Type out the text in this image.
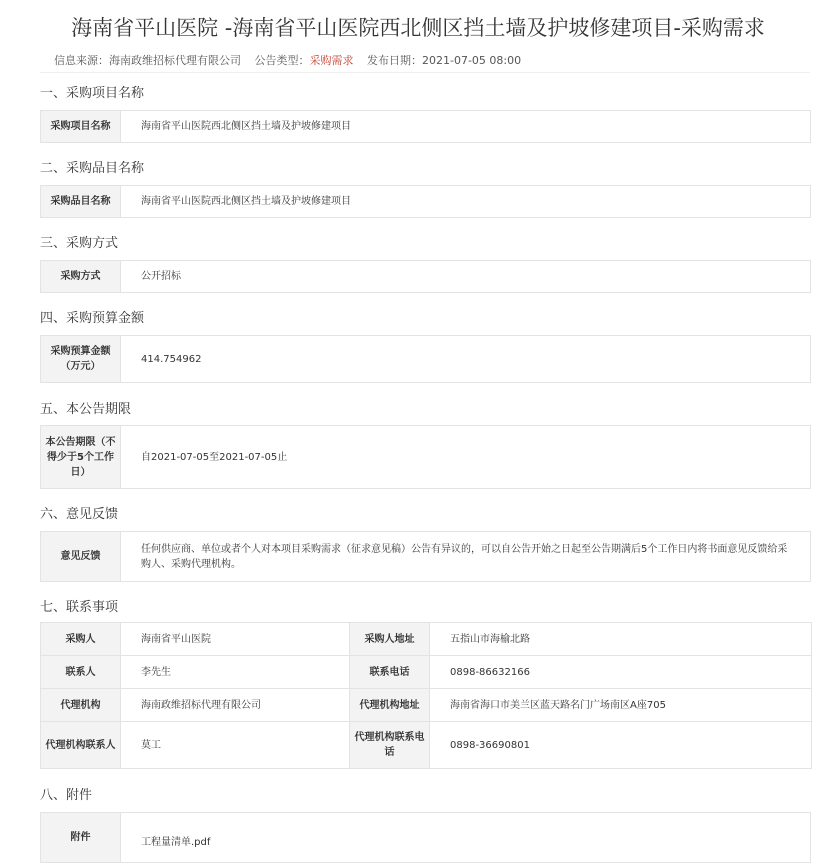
海南省平山医院 -海南省平山医院西北侧区挡土墙及护坡修建项目-采购需求
信息来源：海南政维招标代理有限公司 公告类型：采购需求 发布日期：2021-07-05 08:00
一、采购项目名称
采购项目名称	海南省平山医院西北侧区挡土墙及护坡修建项目
二、采购品目名称
采购品目名称	海南省平山医院西北侧区挡土墙及护坡修建项目
三、采购方式
采购方式	公开招标
四、采购预算金额
采购预算金额（万元）	414.754962
五、本公告期限
本公告期限（不得少于5个工作日）	自2021-07-05至2021-07-05止
六、意见反馈
意见反馈	任何供应商、单位或者个人对本项目采购需求（征求意见稿）公告有异议的，可以自公告开始之日起至公告期满后5个工作日内将书面意见反馈给采购人、采购代理机构。
七、联系事项
采购人	海南省平山医院	采购人地址	五指山市海榆北路
联系人	李先生	联系电话	0898-86632166
代理机构	海南政维招标代理有限公司	代理机构地址	海南省海口市美兰区蓝天路名门广场南区A座705
代理机构联系人	莫工	代理机构联系电话	0898-36690801
八、附件
附件	工程量清单.pdf
